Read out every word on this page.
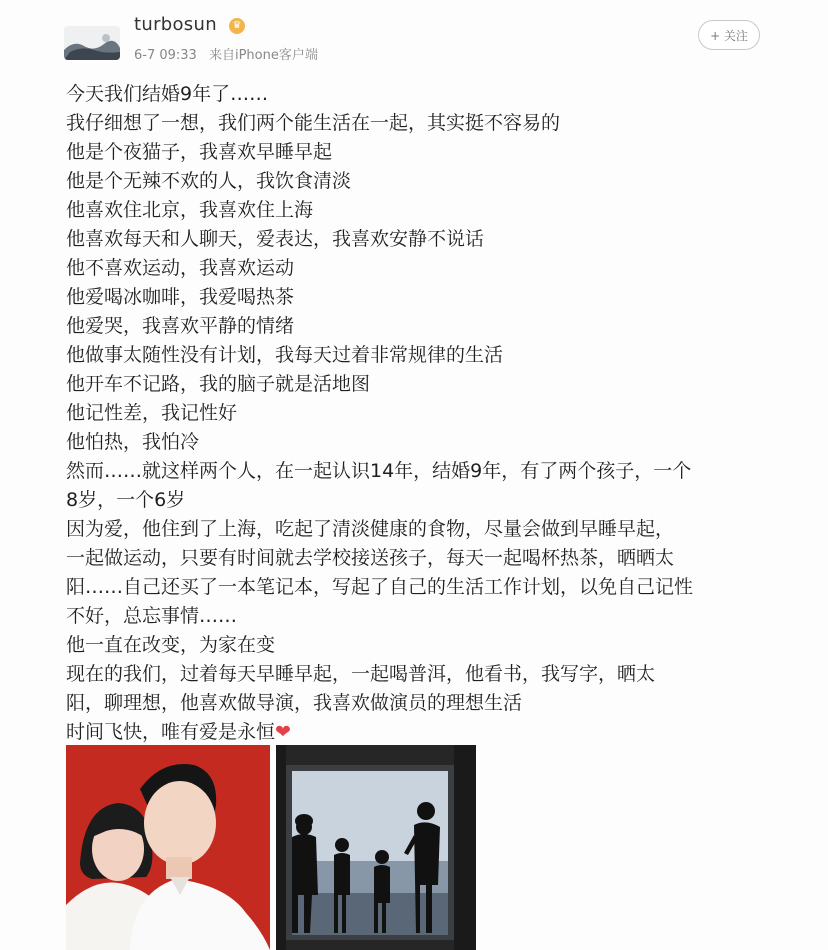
turbosun	♛
6-7 09:33 来自iPhone客户端
+ 关注
今天我们结婚9年了……
我仔细想了一想，我们两个能生活在一起，其实挺不容易的
他是个夜猫子，我喜欢早睡早起
他是个无辣不欢的人，我饮食清淡
他喜欢住北京，我喜欢住上海
他喜欢每天和人聊天，爱表达，我喜欢安静不说话
他不喜欢运动，我喜欢运动
他爱喝冰咖啡，我爱喝热茶
他爱哭，我喜欢平静的情绪
他做事太随性没有计划，我每天过着非常规律的生活
他开车不记路，我的脑子就是活地图
他记性差，我记性好
他怕热，我怕冷
然而……就这样两个人，在一起认识14年，结婚9年，有了两个孩子，一个
8岁，一个6岁
因为爱，他住到了上海，吃起了清淡健康的食物，尽量会做到早睡早起，
一起做运动，只要有时间就去学校接送孩子，每天一起喝杯热茶，晒晒太
阳……自己还买了一本笔记本，写起了自己的生活工作计划，以免自己记性
不好，总忘事情……
他一直在改变，为家在变
现在的我们，过着每天早睡早起，一起喝普洱，他看书，我写字，晒太
阳，聊理想，他喜欢做导演，我喜欢做演员的理想生活
时间飞快，唯有爱是永恒❤
